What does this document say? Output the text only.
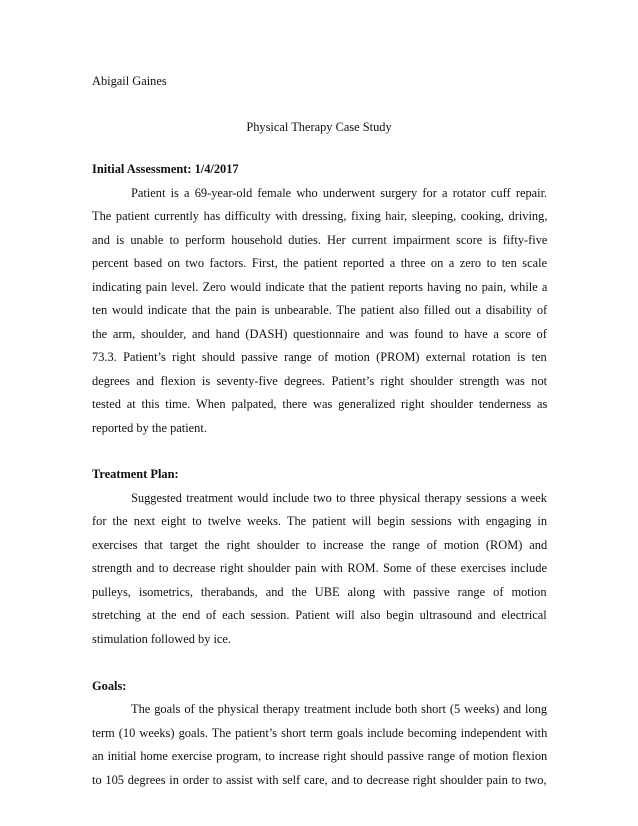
Abigail Gaines
Physical Therapy Case Study
Initial Assessment: 1/4/2017
Patient is a 69-year-old female who underwent surgery for a rotator cuff repair.
The patient currently has difficulty with dressing, fixing hair, sleeping, cooking, driving,
and is unable to perform household duties. Her current impairment score is fifty-five
percent based on two factors. First, the patient reported a three on a zero to ten scale
indicating pain level. Zero would indicate that the patient reports having no pain, while a
ten would indicate that the pain is unbearable. The patient also filled out a disability of
the arm, shoulder, and hand (DASH) questionnaire and was found to have a score of
73.3. Patient’s right should passive range of motion (PROM) external rotation is ten
degrees and flexion is seventy-five degrees. Patient’s right shoulder strength was not
tested at this time. When palpated, there was generalized right shoulder tenderness as
reported by the patient.
Treatment Plan:
Suggested treatment would include two to three physical therapy sessions a week
for the next eight to twelve weeks. The patient will begin sessions with engaging in
exercises that target the right shoulder to increase the range of motion (ROM) and
strength and to decrease right shoulder pain with ROM. Some of these exercises include
pulleys, isometrics, therabands, and the UBE along with passive range of motion
stretching at the end of each session. Patient will also begin ultrasound and electrical
stimulation followed by ice.
Goals:
The goals of the physical therapy treatment include both short (5 weeks) and long
term (10 weeks) goals. The patient’s short term goals include becoming independent with
an initial home exercise program, to increase right should passive range of motion flexion
to 105 degrees in order to assist with self care, and to decrease right shoulder pain to two,
